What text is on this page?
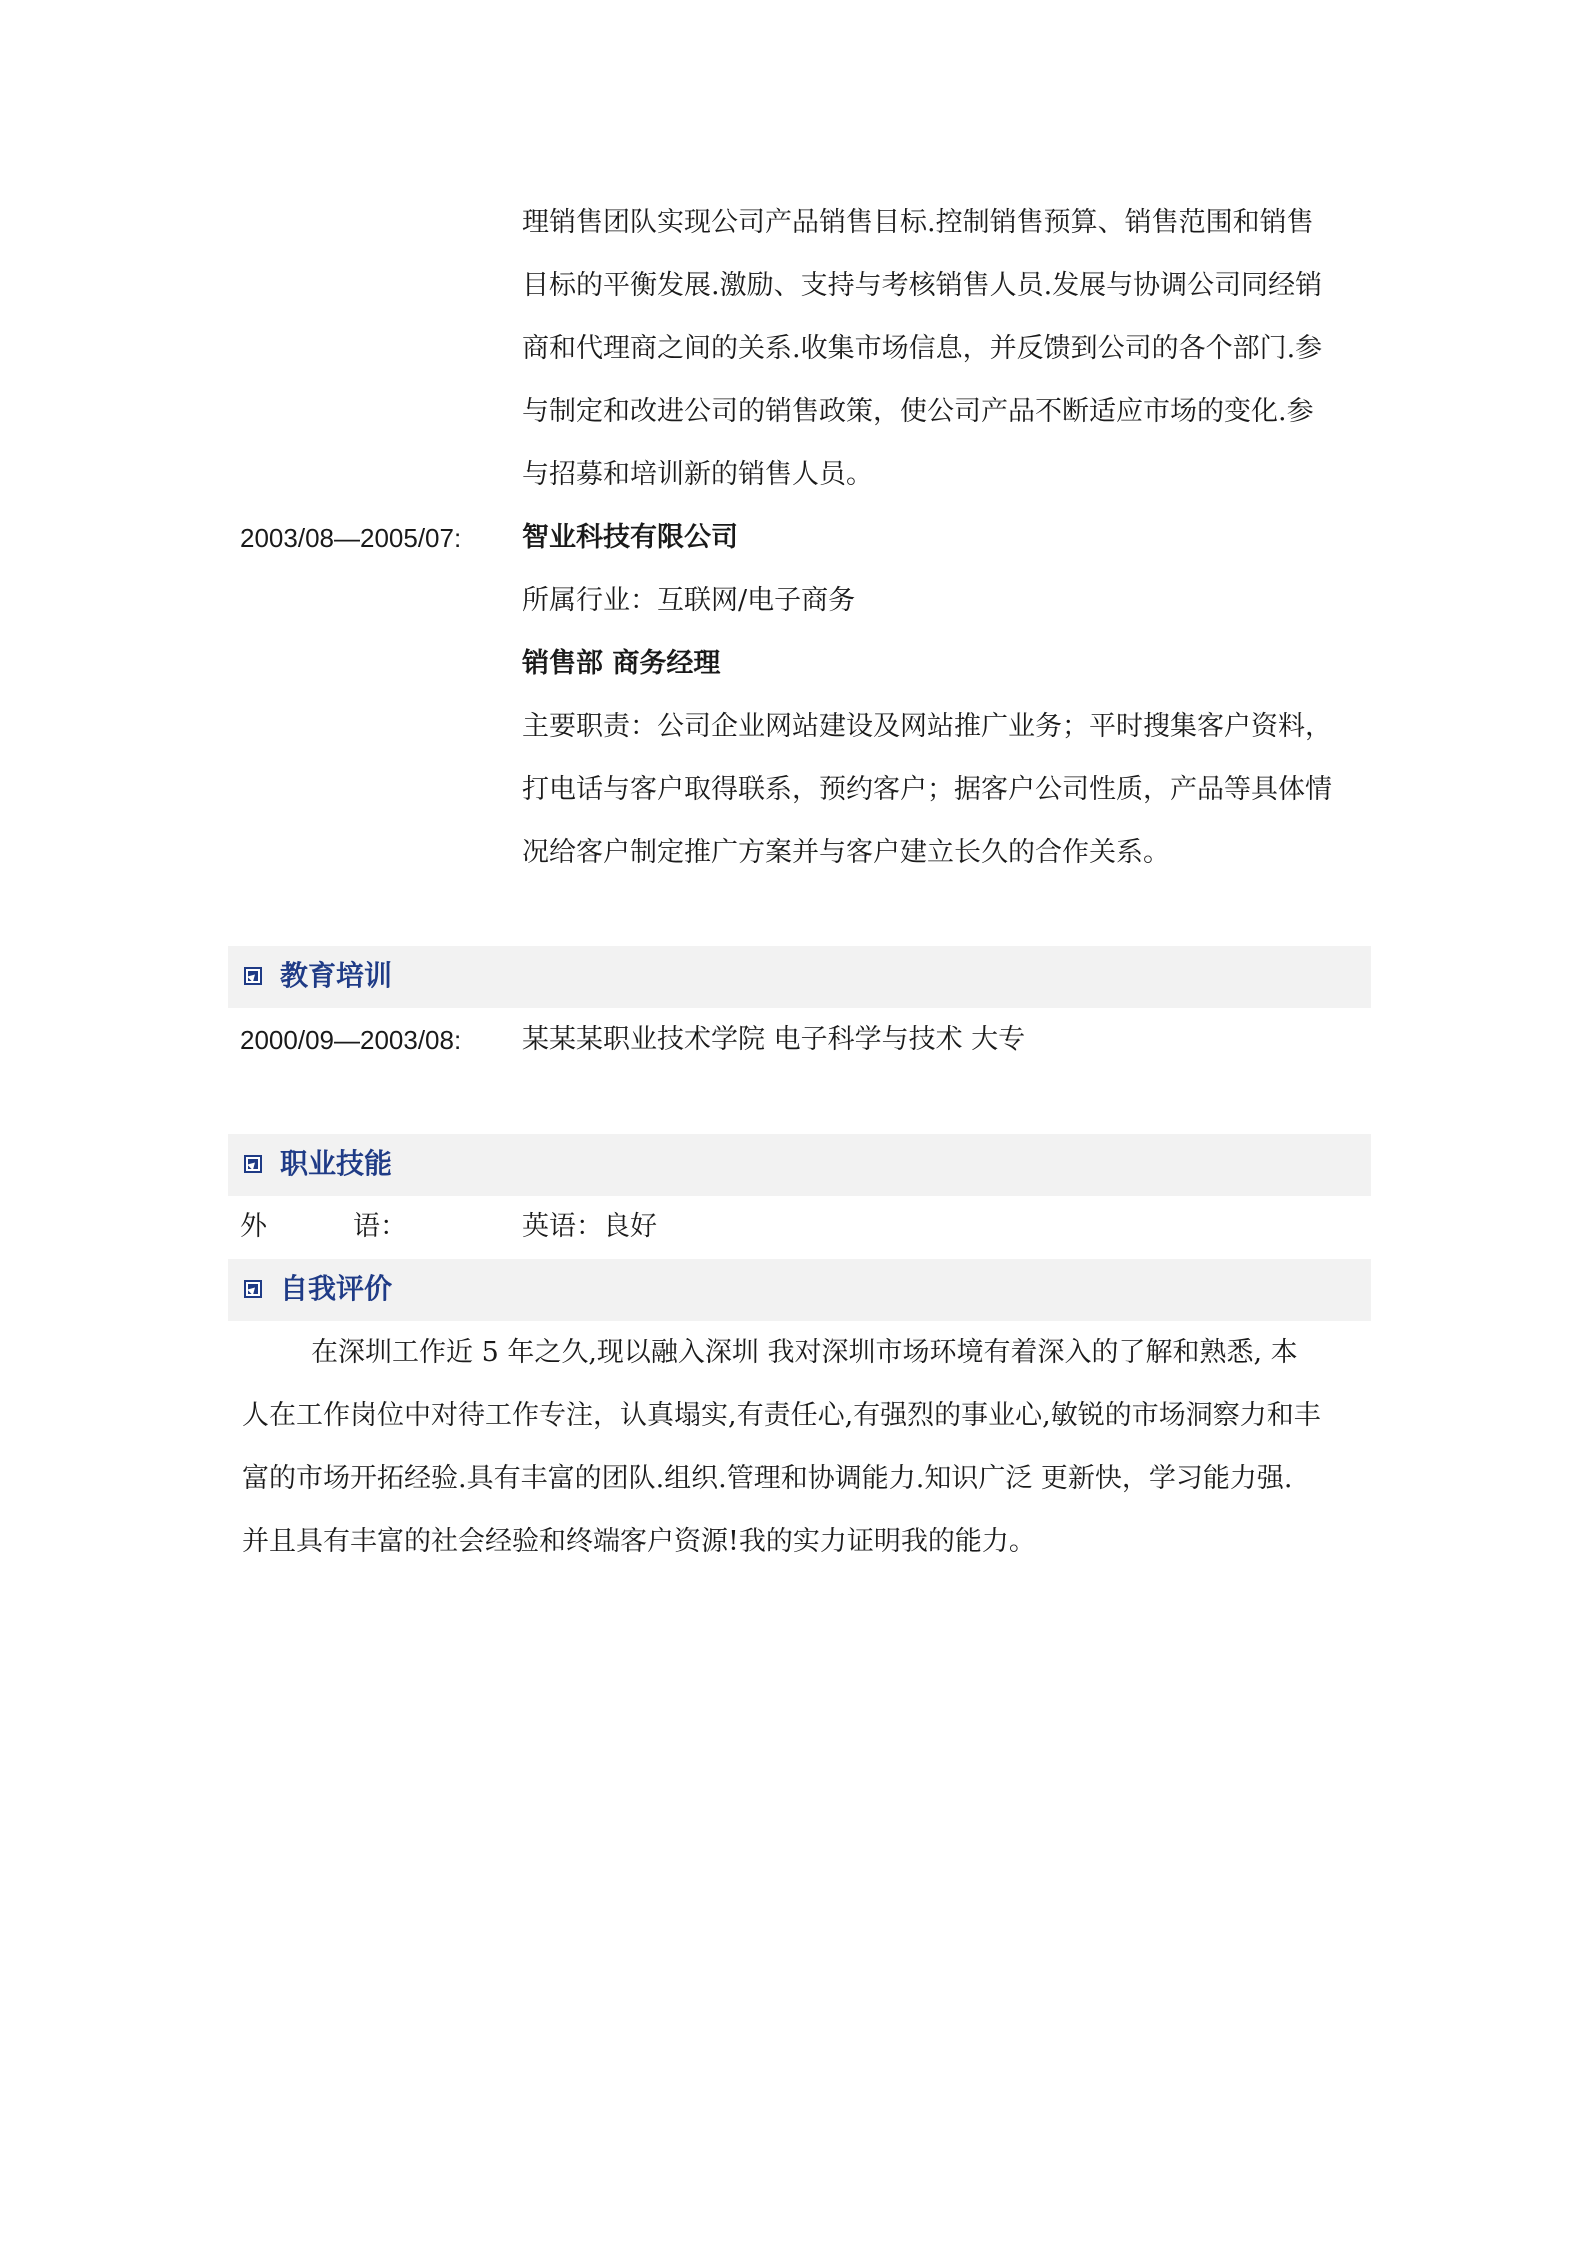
理销售团队实现公司产品销售目标.控制销售预算、销售范围和销售
目标的平衡发展.激励、支持与考核销售人员.发展与协调公司同经销
商和代理商之间的关系.收集市场信息，并反馈到公司的各个部门.参
与制定和改进公司的销售政策，使公司产品不断适应市场的变化.参
与招募和培训新的销售人员。
2003/08—2005/07: 智业科技有限公司
所属行业：互联网/电子商务
销售部 商务经理
主要职责：公司企业网站建设及网站推广业务；平时搜集客户资料，
打电话与客户取得联系，预约客户；据客户公司性质，产品等具体情
况给客户制定推广方案并与客户建立长久的合作关系。
教育培训
2000/09—2003/08: 某某某职业技术学院 电子科学与技术 大专
职业技能
外	语：	英语：良好
自我评价
在深圳工作近 5 年之久,现以融入深圳 我对深圳市场环境有着深入的了解和熟悉, 本
人在工作岗位中对待工作专注，认真塌实,有责任心,有强烈的事业心,敏锐的市场洞察力和丰
富的市场开拓经验.具有丰富的团队.组织.管理和协调能力.知识广泛 更新快，学习能力强.
并且具有丰富的社会经验和终端客户资源!我的实力证明我的能力。
